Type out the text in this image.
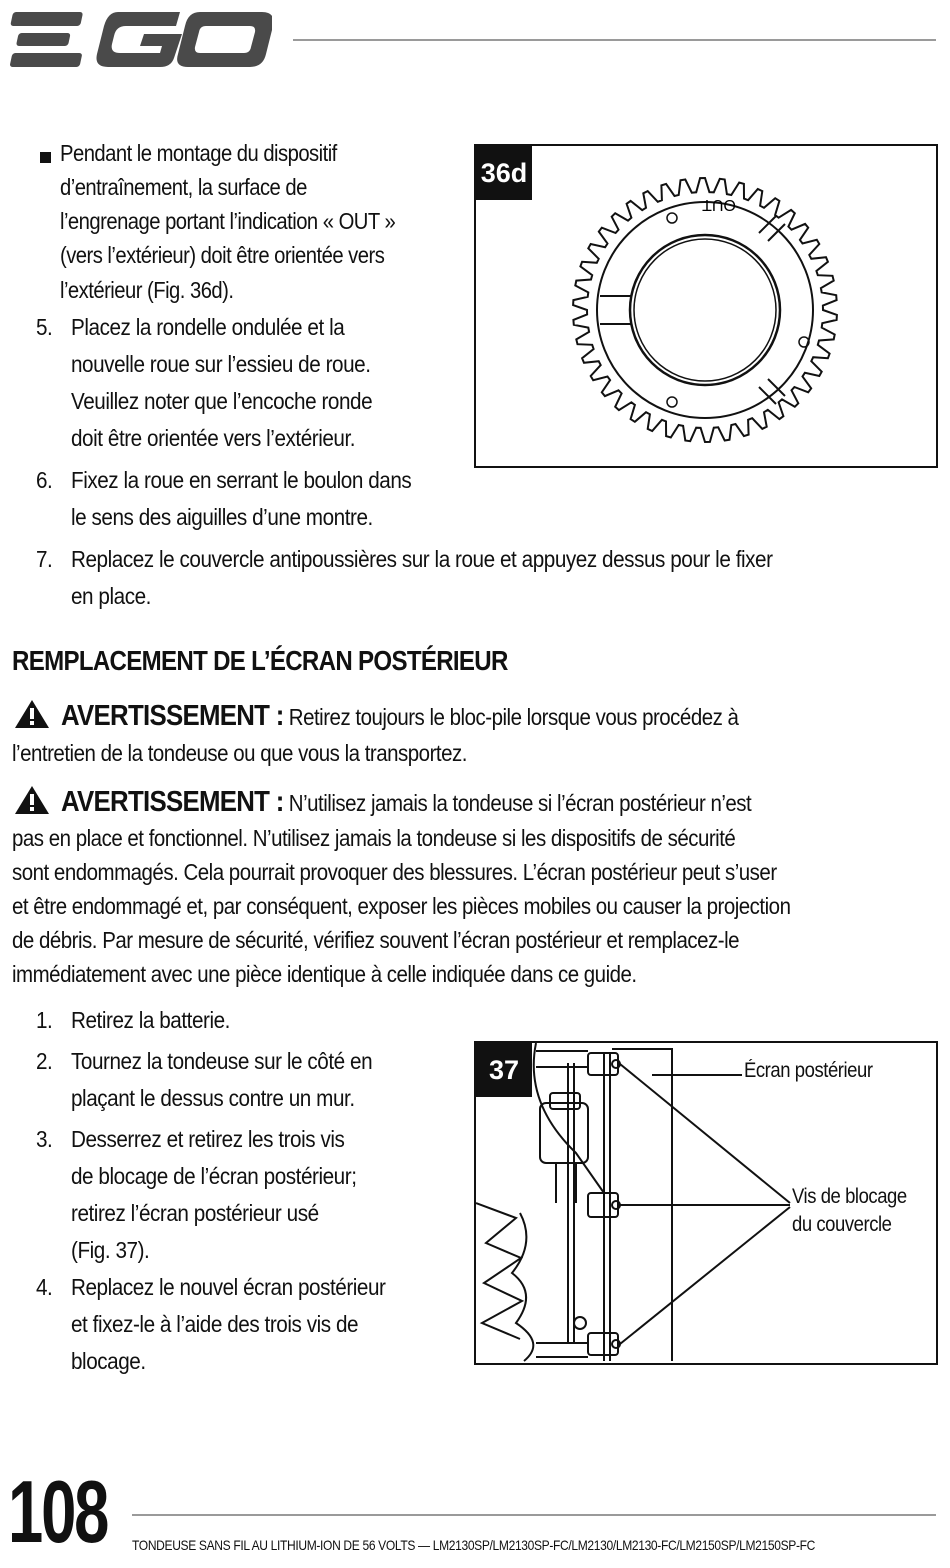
Pendant le montage du dispositif
d’entraînement, la surface de
l’engrenage portant l’indication « OUT »
(vers l’extérieur) doit être orientée vers
l’extérieur (Fig. 36d).
5. Placez la rondelle ondulée et la
nouvelle roue sur l’essieu de roue.
Veuillez noter que l’encoche ronde
doit être orientée vers l’extérieur.
6. Fixez la roue en serrant le boulon dans
le sens des aiguilles d’une montre.
7. Replacez le couvercle antipoussières sur la roue et appuyez dessus pour le fixer
en place.
36d
OUT
REMPLACEMENT DE L’ÉCRAN POSTÉRIEUR
AVERTISSEMENT : Retirez toujours le bloc-pile lorsque vous procédez à
l’entretien de la tondeuse ou que vous la transportez.
AVERTISSEMENT : N’utilisez jamais la tondeuse si l’écran postérieur n’est
pas en place et fonctionnel. N’utilisez jamais la tondeuse si les dispositifs de sécurité
sont endommagés. Cela pourrait provoquer des blessures. L’écran postérieur peut s’user
et être endommagé et, par conséquent, exposer les pièces mobiles ou causer la projection
de débris. Par mesure de sécurité, vérifiez souvent l’écran postérieur et remplacez-le
immédiatement avec une pièce identique à celle indiquée dans ce guide.
1. Retirez la batterie.
2. Tournez la tondeuse sur le côté en
plaçant le dessus contre un mur.
3. Desserrez et retirez les trois vis
de blocage de l’écran postérieur;
retirez l’écran postérieur usé
(Fig. 37).
4. Replacez le nouvel écran postérieur
et fixez-le à l’aide des trois vis de
blocage.
37	Écran postérieur
Vis de blocage
du couvercle
108 TONDEUSE SANS FIL AU LITHIUM-ION DE 56 VOLTS — LM2130SP/LM2130SP-FC/LM2130/LM2130-FC/LM2150SP/LM2150SP-FC
